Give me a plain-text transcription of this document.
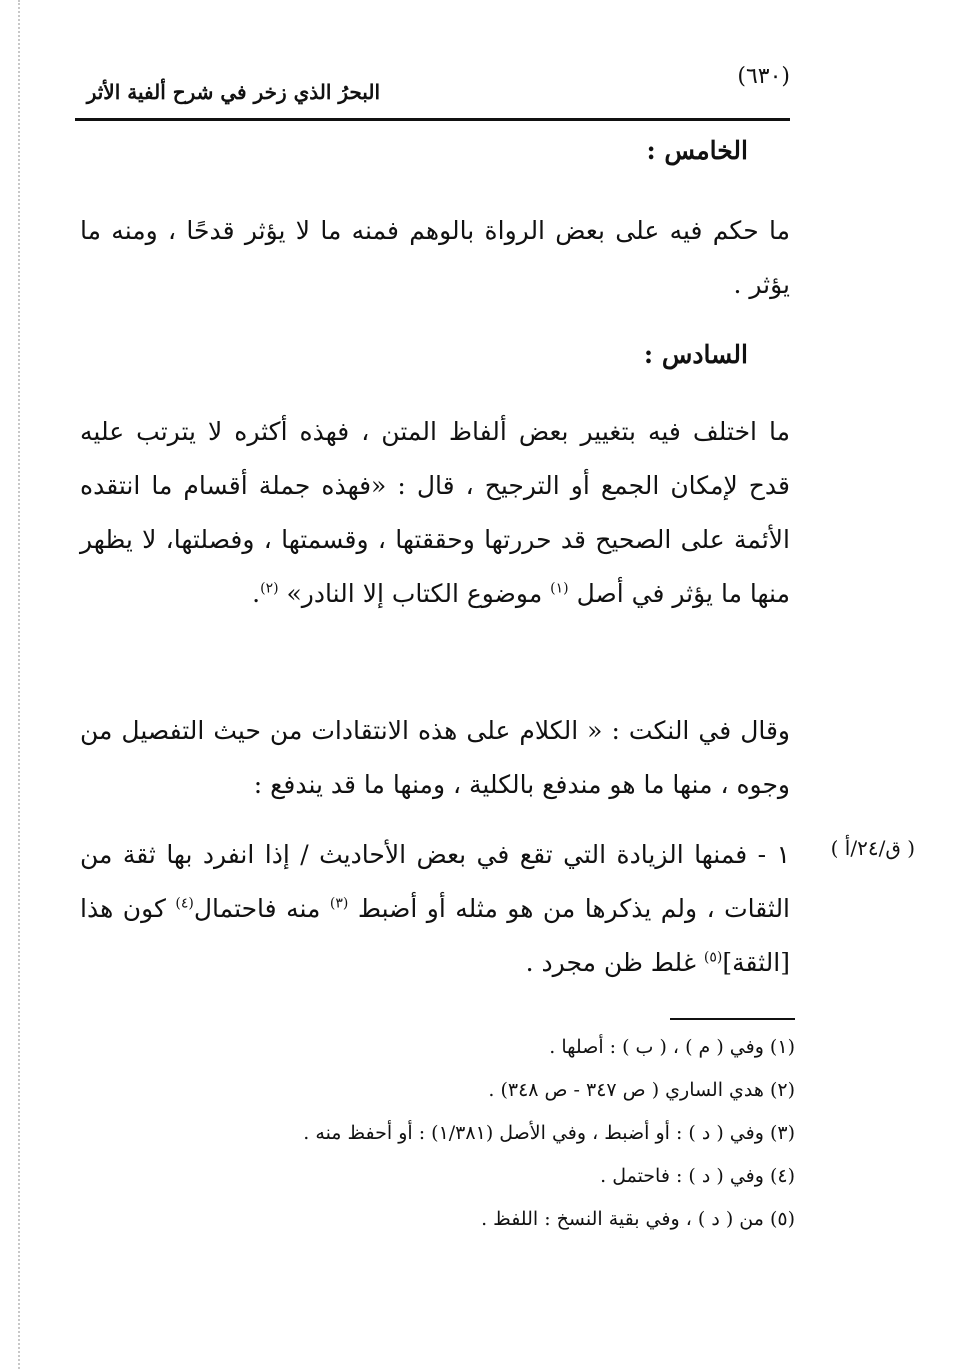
البحرُ الذي زخر في شرح ألفية الأثر
(٦٣٠)
الخامس :
ما حكم فيه على بعض الرواة بالوهم فمنه ما لا يؤثر قدحًا ، ومنه ما يؤثر .
السادس :
ما اختلف فيه بتغيير بعض ألفاظ المتن ، فهذه أكثره لا يترتب عليه قدح لإمكان الجمع أو الترجيح ، قال : «فهذه جملة أقسام ما انتقده الأئمة على الصحيح قد حررتها وحققتها ، وقسمتها ، وفصلتها، لا يظهر منها ما يؤثر في أصل $^{(١)}$ موضوع الكتاب إلا النادر» $^{(٢)}$.
وقال في النكت : « الكلام على هذه الانتقادات من حيث التفصيل من وجوه ، منها ما هو مندفع بالكلية ، ومنها ما قد يندفع :
( ق/٢٤/أ )
١ - فمنها الزيادة التي تقع في بعض الأحاديث / إذا انفرد بها ثقة من الثقات ، ولم يذكرها من هو مثله أو أضبط $^{(٣)}$ منه فاحتمال$^{(٤)}$ كون هذا [الثقة]$^{(٥)}$ غلط ظن مجرد .
(١) وفي ( م ) ، ( ب ) : أصلها .
(٢) هدي الساري ( ص ٣٤٧ - ص ٣٤٨) .
(٣) وفي ( د ) : أو أضبط ، وفي الأصل (١/٣٨١) : أو أحفظ منه .
(٤) وفي ( د ) : فاحتمل .
(٥) من ( د ) ، وفي بقية النسخ : اللفظ .
